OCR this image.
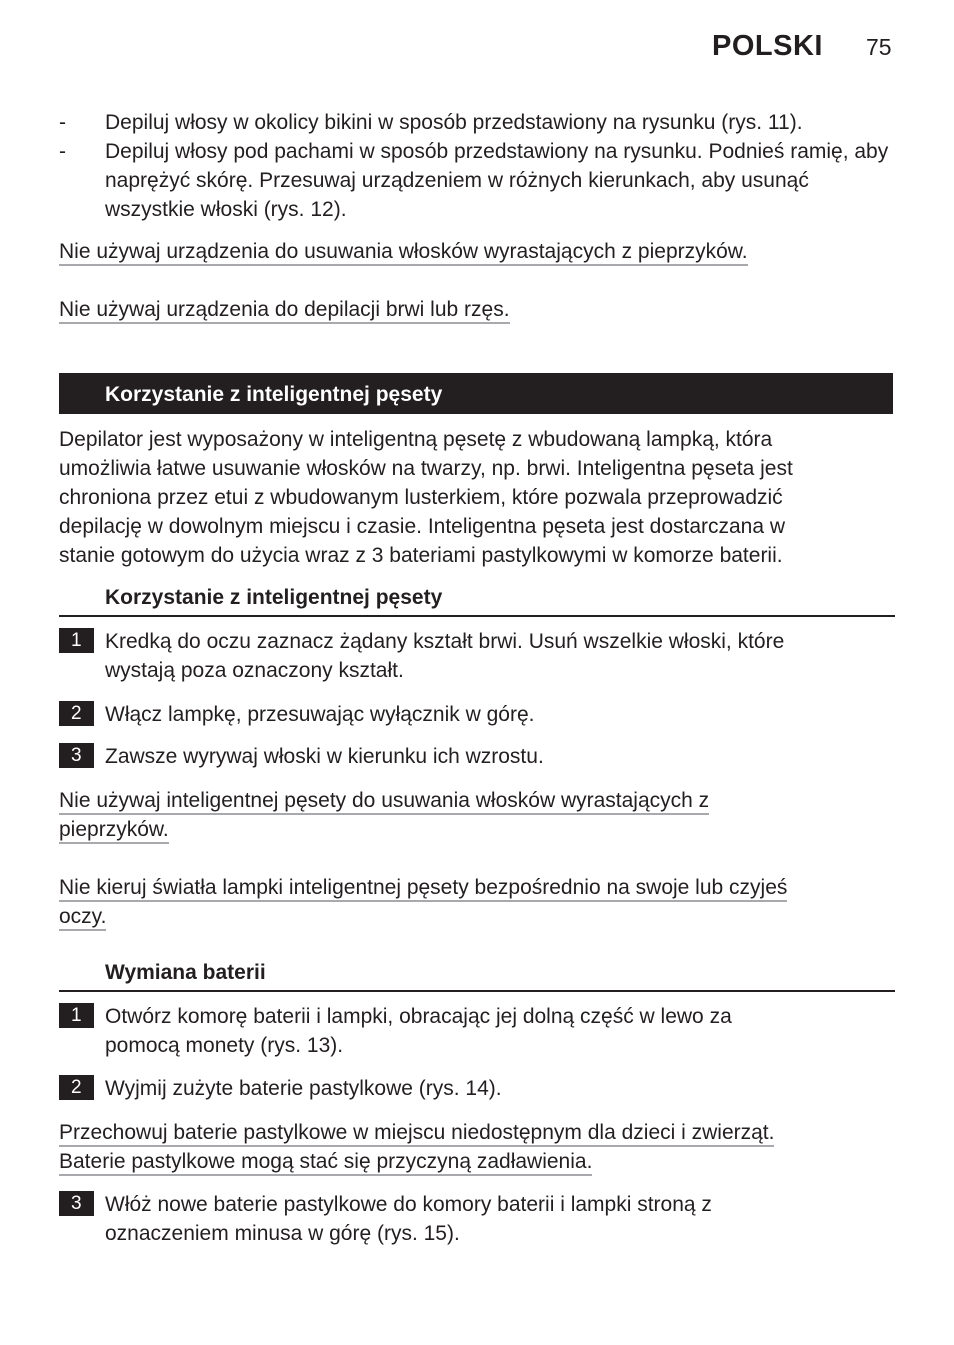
POLSKI 75
- Depiluj włosy w okolicy bikini w sposób przedstawiony na rysunku (rys. 11).
- Depiluj włosy pod pachami w sposób przedstawiony na rysunku. Podnieś ramię, aby naprężyć skórę. Przesuwaj urządzeniem w różnych kierunkach, aby usunąć wszystkie włoski (rys. 12).
Nie używaj urządzenia do usuwania włosków wyrastających z pieprzyków.
Nie używaj urządzenia do depilacji brwi lub rzęs.
Korzystanie z inteligentnej pęsety
Depilator jest wyposażony w inteligentną pęsetę z wbudowaną lampką, która
umożliwia łatwe usuwanie włosków na twarzy, np. brwi. Inteligentna pęseta jest
chroniona przez etui z wbudowanym lusterkiem, które pozwala przeprowadzić
depilację w dowolnym miejscu i czasie. Inteligentna pęseta jest dostarczana w
stanie gotowym do użycia wraz z 3 bateriami pastylkowymi w komorze baterii.
Korzystanie z inteligentnej pęsety
1	Kredką do oczu zaznacz żądany kształt brwi. Usuń wszelkie włoski, które
wystają poza oznaczony kształt.
2	Włącz lampkę, przesuwając wyłącznik w górę.
3	Zawsze wyrywaj włoski w kierunku ich wzrostu.
Nie używaj inteligentnej pęsety do usuwania włosków wyrastających z
pieprzyków.
Nie kieruj światła lampki inteligentnej pęsety bezpośrednio na swoje lub czyjeś
oczy.
Wymiana baterii
1	Otwórz komorę baterii i lampki, obracając jej dolną część w lewo za
pomocą monety (rys. 13).
2	Wyjmij zużyte baterie pastylkowe (rys. 14).
Przechowuj baterie pastylkowe w miejscu niedostępnym dla dzieci i zwierząt.
Baterie pastylkowe mogą stać się przyczyną zadławienia.
3	Włóż nowe baterie pastylkowe do komory baterii i lampki stroną z
oznaczeniem minusa w górę (rys. 15).
